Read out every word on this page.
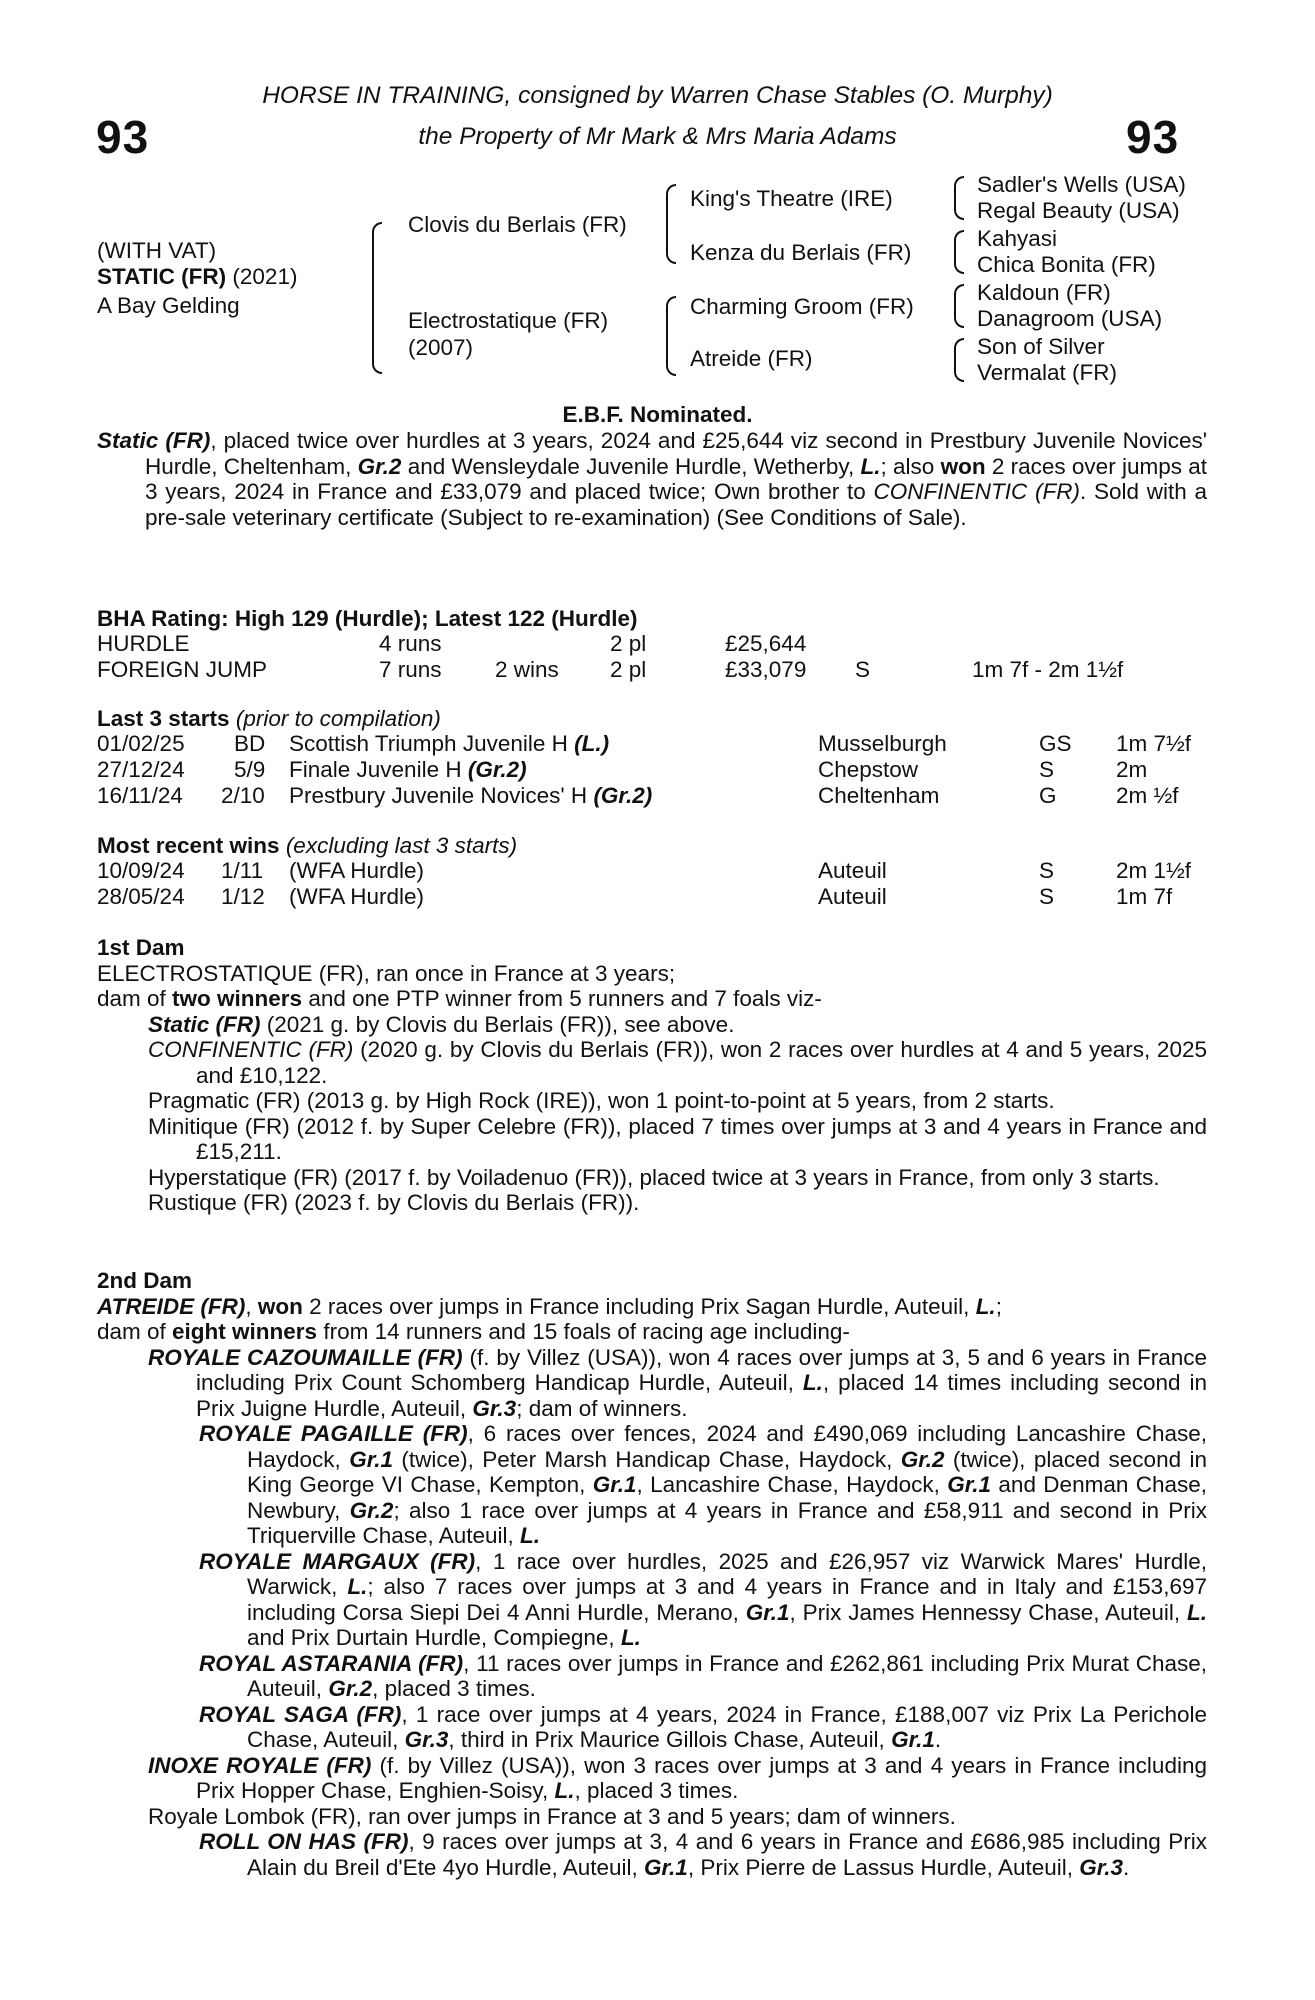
93	93
HORSE IN TRAINING, consigned by Warren Chase Stables (O. Murphy)
the Property of Mr Mark & Mrs Maria Adams
(WITH VAT)
STATIC (FR) (2021)
A Bay Gelding
Clovis du Berlais (FR)
Electrostatique (FR)
(2007)
King's Theatre (IRE)
Kenza du Berlais (FR)
Charming Groom (FR)
Atreide (FR)
Sadler's Wells (USA)
Regal Beauty (USA)
Kahyasi
Chica Bonita (FR)
Kaldoun (FR)
Danagroom (USA)
Son of Silver
Vermalat (FR)
E.B.F. Nominated.

Static (FR), placed twice over hurdles at 3 years, 2024 and £25,644 viz second in Prestbury Juvenile Novices' Hurdle, Cheltenham, Gr.2 and Wensleydale Juvenile Hurdle, Wetherby, L.; also won 2 races over jumps at 3 years, 2024 in France and £33,079 and placed twice; Own brother to CONFINENTIC (FR). Sold with a pre-sale veterinary certificate (Subject to re-examination) (See Conditions of Sale).

BHA Rating: High 129 (Hurdle); Latest 122 (Hurdle)
HURDLE	4 runs	2 pl	£25,644
FOREIGN JUMP	7 runs 2 wins 2 pl	£33,079 S	1m 7f - 2m 1½f
Last 3 starts (prior to compilation)
01/02/25 BD Scottish Triumph Juvenile H (L.)	Musselburgh	GS 1m 7½f
27/12/24 5/9 Finale Juvenile H (Gr.2)	Chepstow	S	2m
16/11/24 2/10 Prestbury Juvenile Novices' H (Gr.2)	Cheltenham	G	2m ½f
Most recent wins (excluding last 3 starts)
10/09/24 1/11 (WFA Hurdle)	Auteuil	S	2m 1½f
28/05/24 1/12 (WFA Hurdle)	Auteuil	S	1m 7f
1st Dam
ELECTROSTATIQUE (FR), ran once in France at 3 years;
dam of two winners and one PTP winner from 5 runners and 7 foals viz-

Static (FR) (2021 g. by Clovis du Berlais (FR)), see above.

CONFINENTIC (FR) (2020 g. by Clovis du Berlais (FR)), won 2 races over hurdles at 4 and 5 years, 2025 and £10,122.

Pragmatic (FR) (2013 g. by High Rock (IRE)), won 1 point-to-point at 5 years, from 2 starts.

Minitique (FR) (2012 f. by Super Celebre (FR)), placed 7 times over jumps at 3 and 4 years in France and £15,211.

Hyperstatique (FR) (2017 f. by Voiladenuo (FR)), placed twice at 3 years in France, from only 3 starts.

Rustique (FR) (2023 f. by Clovis du Berlais (FR)).

2nd Dam
ATREIDE (FR), won 2 races over jumps in France including Prix Sagan Hurdle, Auteuil, L.;
dam of eight winners from 14 runners and 15 foals of racing age including-

ROYALE CAZOUMAILLE (FR) (f. by Villez (USA)), won 4 races over jumps at 3, 5 and 6 years in France including Prix Count Schomberg Handicap Hurdle, Auteuil, L., placed 14 times including second in Prix Juigne Hurdle, Auteuil, Gr.3; dam of winners.

ROYALE PAGAILLE (FR), 6 races over fences, 2024 and £490,069 including Lancashire Chase, Haydock, Gr.1 (twice), Peter Marsh Handicap Chase, Haydock, Gr.2 (twice), placed second in King George VI Chase, Kempton, Gr.1, Lancashire Chase, Haydock, Gr.1 and Denman Chase, Newbury, Gr.2; also 1 race over jumps at 4 years in France and £58,911 and second in Prix Triquerville Chase, Auteuil, L.

ROYALE MARGAUX (FR), 1 race over hurdles, 2025 and £26,957 viz Warwick Mares' Hurdle, Warwick, L.; also 7 races over jumps at 3 and 4 years in France and in Italy and £153,697 including Corsa Siepi Dei 4 Anni Hurdle, Merano, Gr.1, Prix James Hennessy Chase, Auteuil, L. and Prix Durtain Hurdle, Compiegne, L.

ROYAL ASTARANIA (FR), 11 races over jumps in France and £262,861 including Prix Murat Chase, Auteuil, Gr.2, placed 3 times.

ROYAL SAGA (FR), 1 race over jumps at 4 years, 2024 in France, £188,007 viz Prix La Perichole Chase, Auteuil, Gr.3, third in Prix Maurice Gillois Chase, Auteuil, Gr.1.

INOXE ROYALE (FR) (f. by Villez (USA)), won 3 races over jumps at 3 and 4 years in France including Prix Hopper Chase, Enghien-Soisy, L., placed 3 times.

Royale Lombok (FR), ran over jumps in France at 3 and 5 years; dam of winners.

ROLL ON HAS (FR), 9 races over jumps at 3, 4 and 6 years in France and £686,985 including Prix Alain du Breil d'Ete 4yo Hurdle, Auteuil, Gr.1, Prix Pierre de Lassus Hurdle, Auteuil, Gr.3.
